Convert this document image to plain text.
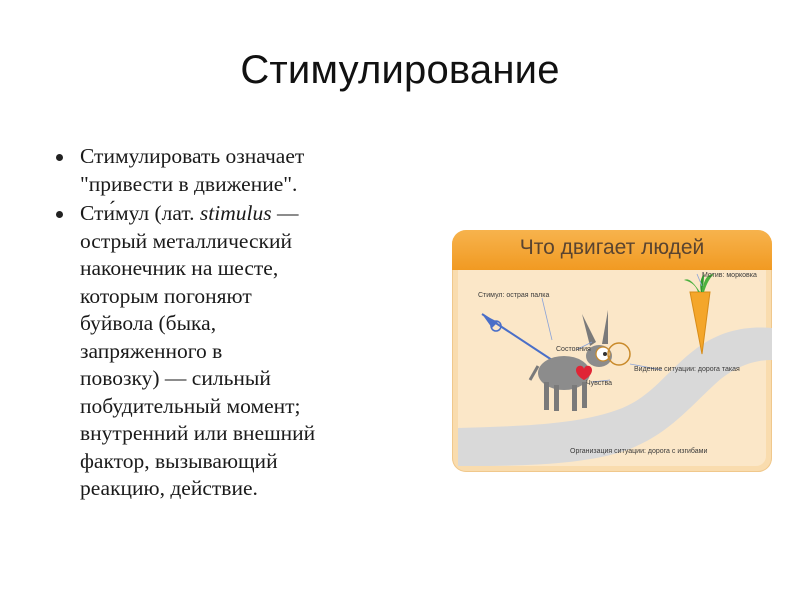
Стимулирование
Стимулировать означает
"привести в движение".
Сти́мул (лат. stimulus —
острый металлический
наконечник на шесте,
которым погоняют
буйвола (быка,
запряженного в
повозку) — сильный
побудительный момент;
внутренний или внешний
фактор, вызывающий
реакцию, действие.
Что двигает людей
Мотив: морковка
Стимул: острая палка
Состояния
Чувства
Видение ситуации: дорога такая
Организация ситуации: дорога с изгибами
